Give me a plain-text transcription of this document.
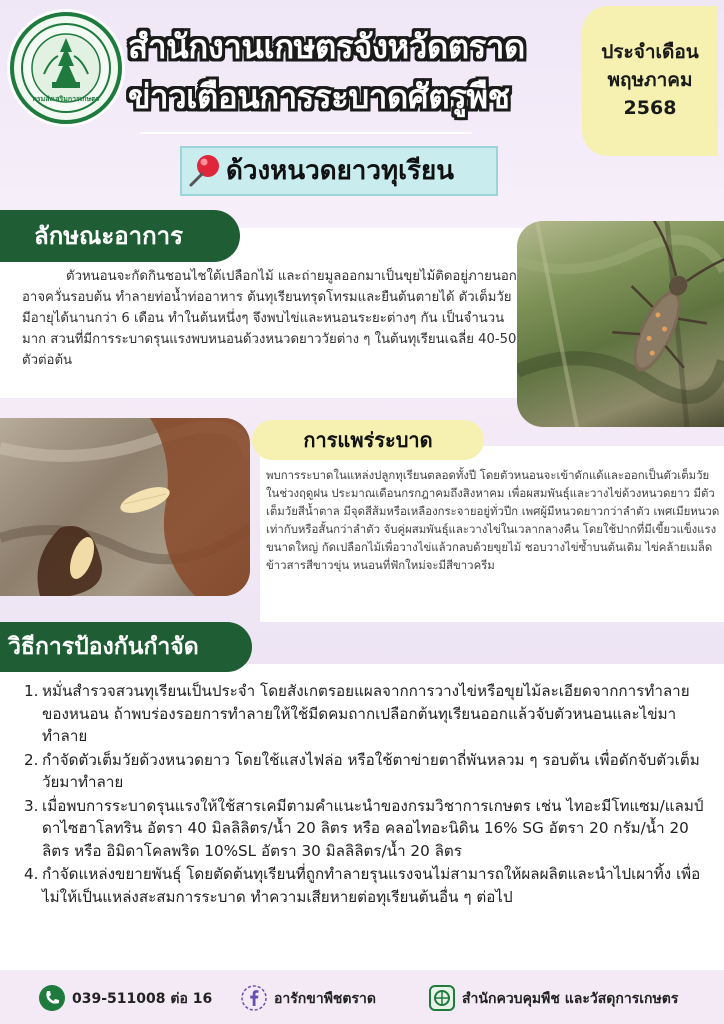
กรมส่งเสริมการเกษตร
สำนักงานเกษตรจังหวัดตราด
ข่าวเตือนการระบาดศัตรูพืช
ประจำเดือน
พฤษภาคม
2568
ด้วงหนวดยาวทุเรียน
ลักษณะอาการ
ตัวหนอนจะกัดกินชอนไชใต้เปลือกไม้ และถ่ายมูลออกมาเป็นขุยไม้ติดอยู่ภายนอกอาจควั่นรอบต้น ทำลายท่อน้ำท่ออาหาร ต้นทุเรียนทรุดโทรมและยืนต้นตายได้ ตัวเต็มวัยมีอายุได้นานกว่า 6 เดือน ทำในต้นหนึ่งๆ จึงพบไข่และหนอนระยะต่างๆ กัน เป็นจำนวนมาก สวนที่มีการระบาดรุนแรงพบหนอนด้วงหนวดยาววัยต่าง ๆ ในต้นทุเรียนเฉลี่ย 40-50 ตัวต่อต้น
การแพร่ระบาด
พบการระบาดในแหล่งปลูกทุเรียนตลอดทั้งปี โดยตัวหนอนจะเข้าดักแด้และออกเป็นตัวเต็มวัยในช่วงฤดูฝน ประมาณเดือนกรกฎาคมถึงสิงหาคม เพื่อผสมพันธุ์และวางไข่ด้วงหนวดยาว มีตัวเต็มวัยสีน้ำตาล มีจุดสีส้มหรือเหลืองกระจายอยู่ทั่วปีก เพศผู้มีหนวดยาวกว่าลำตัว เพศเมียหนวดเท่ากับหรือสั้นกว่าลำตัว จับคู่ผสมพันธุ์และวางไข่ในเวลากลางคืน โดยใช้ปากที่มีเขี้ยวแข็งแรงขนาดใหญ่ กัดเปลือกไม้เพื่อวางไข่แล้วกลบด้วยขุยไม้ ชอบวางไข่ซ้ำบนต้นเดิม ไข่คล้ายเมล็ดข้าวสารสีขาวขุ่น หนอนที่ฟักใหม่จะมีสีขาวครีม
วิธีการป้องกันกำจัด
1. หมั่นสำรวจสวนทุเรียนเป็นประจำ โดยสังเกตรอยแผลจากการวางไข่หรือขุยไม้ละเอียดจากการทำลายของหนอน ถ้าพบร่องรอยการทำลายให้ใช้มีดคมถากเปลือกต้นทุเรียนออกแล้วจับตัวหนอนและไข่มาทำลาย
2. กำจัดตัวเต็มวัยด้วงหนวดยาว โดยใช้แสงไฟล่อ หรือใช้ตาข่ายตาถี่พันหลวม ๆ รอบต้น เพื่อดักจับตัวเต็มวัยมาทำลาย
3. เมื่อพบการระบาดรุนแรงให้ใช้สารเคมีตามคำแนะนำของกรมวิชาการเกษตร เช่น ไทอะมีโทแซม/แลมป์ดาไซฮาโลทริน อัตรา 40 มิลลิลิตร/น้ำ 20 ลิตร หรือ คลอไทอะนิดิน 16% SG อัตรา 20 กรัม/น้ำ 20 ลิตร หรือ อิมิดาโคลพริด 10%SL อัตรา 30 มิลลิลิตร/น้ำ 20 ลิตร
4. กำจัดแหล่งขยายพันธุ์ โดยตัดต้นทุเรียนที่ถูกทำลายรุนแรงจนไม่สามารถให้ผลผลิตและนำไปเผาทิ้ง เพื่อไม่ให้เป็นแหล่งสะสมการระบาด ทำความเสียหายต่อทุเรียนต้นอื่น ๆ ต่อไป
039-511008 ต่อ 16	อารักขาพืชตราด	สำนักควบคุมพืช และวัสดุการเกษตร
